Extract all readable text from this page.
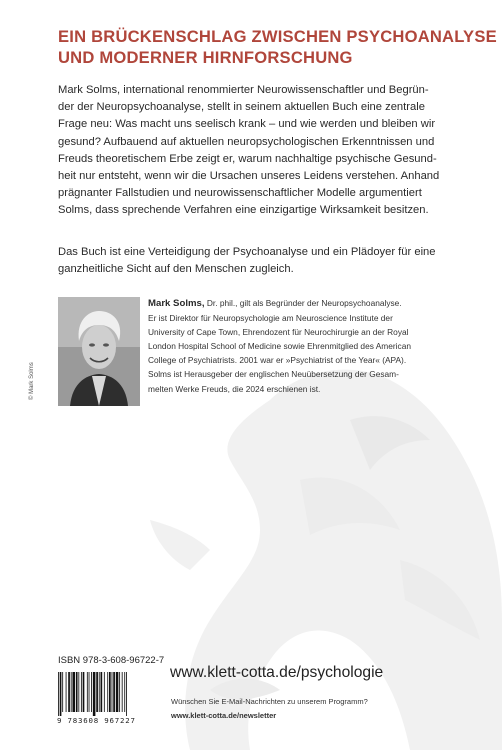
EIN BRÜCKENSCHLAG ZWISCHEN PSYCHOANALYSE
UND MODERNER HIRNFORSCHUNG

Mark Solms, international renommierter Neurowissenschaftler und Begrün-
der der Neuropsychoanalyse, stellt in seinem aktuellen Buch eine zentrale
Frage neu: Was macht uns seelisch krank – und wie werden und bleiben wir
gesund? Aufbauend auf aktuellen neuropsychologischen Erkenntnissen und
Freuds theoretischem Erbe zeigt er, warum nachhaltige psychische Gesund-
heit nur entsteht, wenn wir die Ursachen unseres Leidens verstehen. Anhand
prägnanter Fallstudien und neurowissenschaftlicher Modelle argumentiert
Solms, dass sprechende Verfahren eine einzigartige Wirksamkeit besitzen.

Das Buch ist eine Verteidigung der Psychoanalyse und ein Plädoyer für eine
ganzheitliche Sicht auf den Menschen zugleich.

© Mark Solms

Mark Solms, Dr. phil., gilt als Begründer der Neuropsychoanalyse.
Er ist Direktor für Neuropsychologie am Neuroscience Institute der
University of Cape Town, Ehrendozent für Neurochirurgie an der Royal
London Hospital School of Medicine sowie Ehrenmitglied des American
College of Psychiatrists. 2001 war er »Psychiatrist of the Year« (APA).
Solms ist Herausgeber der englischen Neuübersetzung der Gesam-
melten Werke Freuds, die 2024 erschienen ist.

ISBN 978-3-608-96722-7
9 783608 967227
www.klett-cotta.de/psychologie
Wünschen Sie E-Mail-Nachrichten zu unserem Programm?
www.klett-cotta.de/newsletter
